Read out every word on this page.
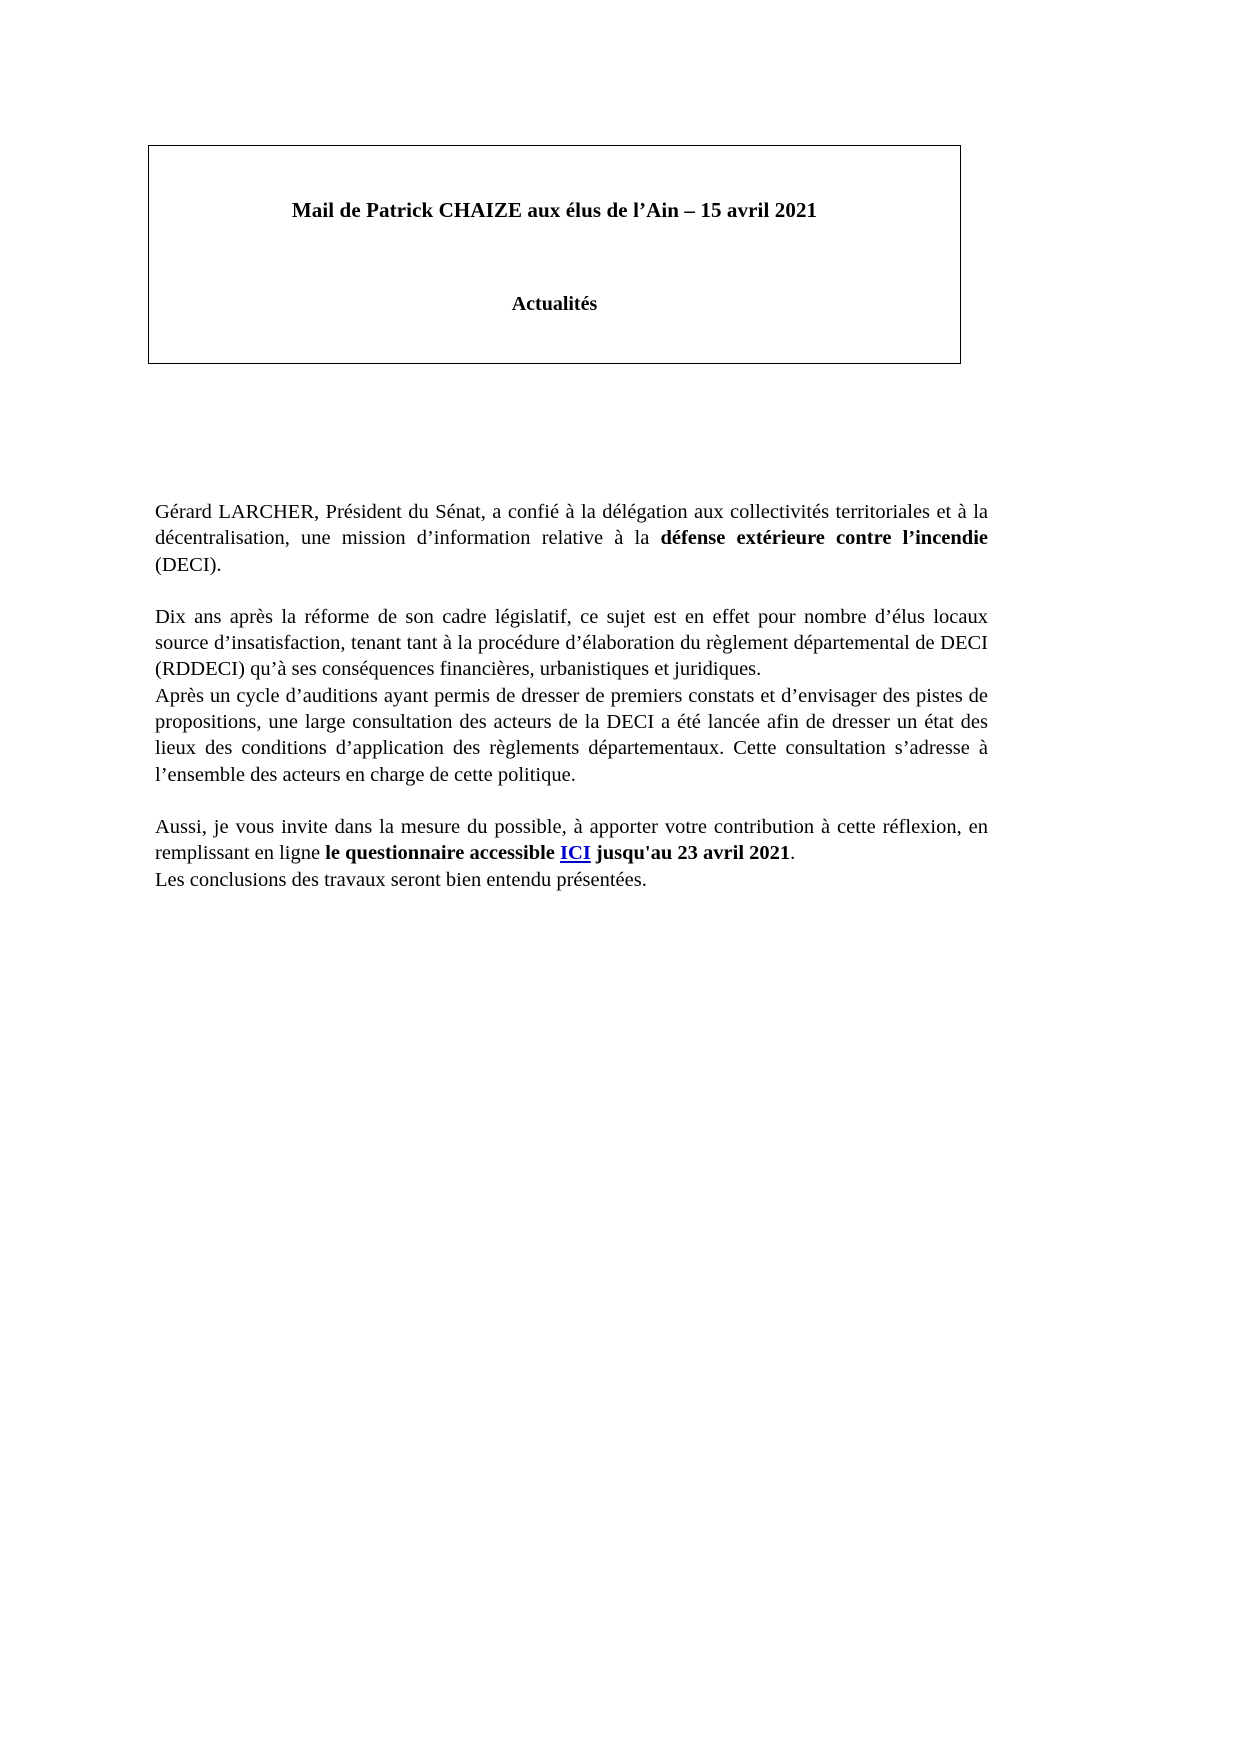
Mail de Patrick CHAIZE aux élus de l’Ain – 15 avril 2021
Actualités

Gérard LARCHER, Président du Sénat, a confié à la délégation aux collectivités territoriales et à la décentralisation, une mission d’information relative à la défense extérieure contre l’incendie (DECI).

Dix ans après la réforme de son cadre législatif, ce sujet est en effet pour nombre d’élus locaux source d’insatisfaction, tenant tant à la procédure d’élaboration du règlement départemental de DECI (RDDECI) qu’à ses conséquences financières, urbanistiques et juridiques.

Après un cycle d’auditions ayant permis de dresser de premiers constats et d’envisager des pistes de propositions, une large consultation des acteurs de la DECI a été lancée afin de dresser un état des lieux des conditions d’application des règlements départementaux. Cette consultation s’adresse à l’ensemble des acteurs en charge de cette politique.

Aussi, je vous invite dans la mesure du possible, à apporter votre contribution à cette réflexion, en remplissant en ligne le questionnaire accessible ICI jusqu'au 23 avril 2021.
Les conclusions des travaux seront bien entendu présentées.
